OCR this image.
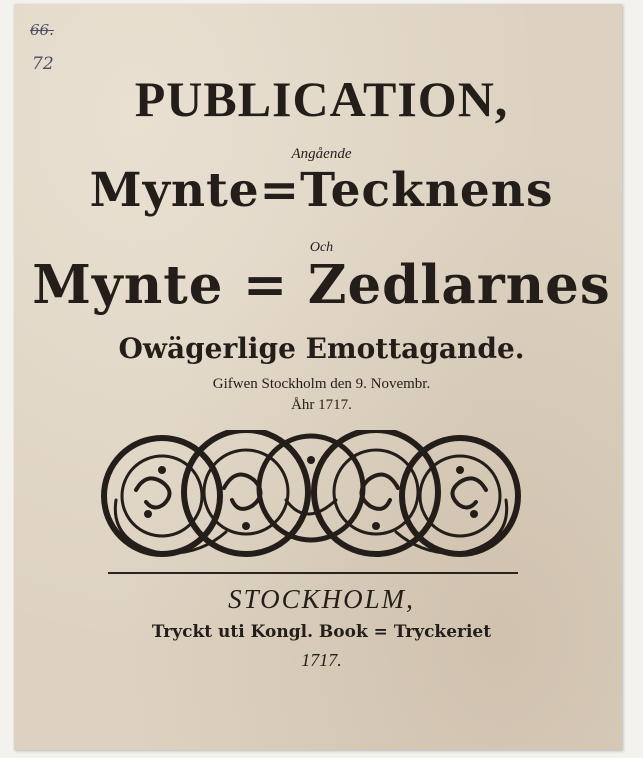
66.
72
PUBLICATION,
Angående
Mynte=Tecknens
Och
Mynte = Zedlarnes
Owägerlige Emottagande.
Gifwen Stockholm den 9. Novembr.
Åhr 1717.
STOCKHOLM,
Tryckt uti Kongl. Book = Tryckeriet
1717.
